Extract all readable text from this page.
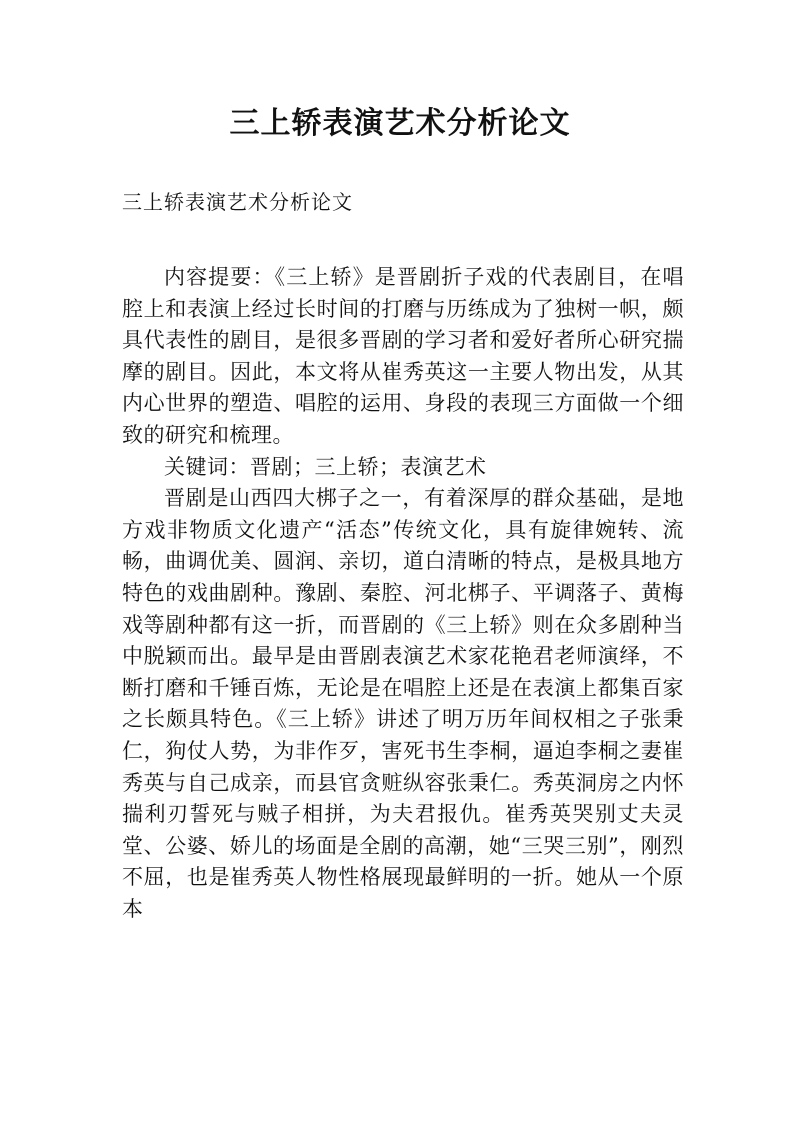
三上轿表演艺术分析论文

三上轿表演艺术分析论文

内容提要：《三上轿》是晋剧折子戏的代表剧目，在唱腔上和表演上经过长时间的打磨与历练成为了独树一帜，颇具代表性的剧目，是很多晋剧的学习者和爱好者所心研究揣摩的剧目。因此，本文将从崔秀英这一主要人物出发，从其内心世界的塑造、唱腔的运用、身段的表现三方面做一个细致的研究和梳理。

关键词：晋剧；三上轿；表演艺术

晋剧是山西四大梆子之一，有着深厚的群众基础，是地方戏非物质文化遗产“活态”传统文化，具有旋律婉转、流畅，曲调优美、圆润、亲切，道白清晰的特点，是极具地方特色的戏曲剧种。豫剧、秦腔、河北梆子、平调落子、黄梅戏等剧种都有这一折，而晋剧的《三上轿》则在众多剧种当中脱颖而出。最早是由晋剧表演艺术家花艳君老师演绎，不断打磨和千锤百炼，无论是在唱腔上还是在表演上都集百家之长颇具特色。《三上轿》讲述了明万历年间权相之子张秉仁，狗仗人势，为非作歹，害死书生李桐，逼迫李桐之妻崔秀英与自己成亲，而县官贪赃纵容张秉仁。秀英洞房之内怀揣利刃誓死与贼子相拼，为夫君报仇。崔秀英哭别丈夫灵堂、公婆、娇儿的场面是全剧的高潮，她“三哭三别”，刚烈不屈，也是崔秀英人物性格展现最鲜明的一折。她从一个原本
